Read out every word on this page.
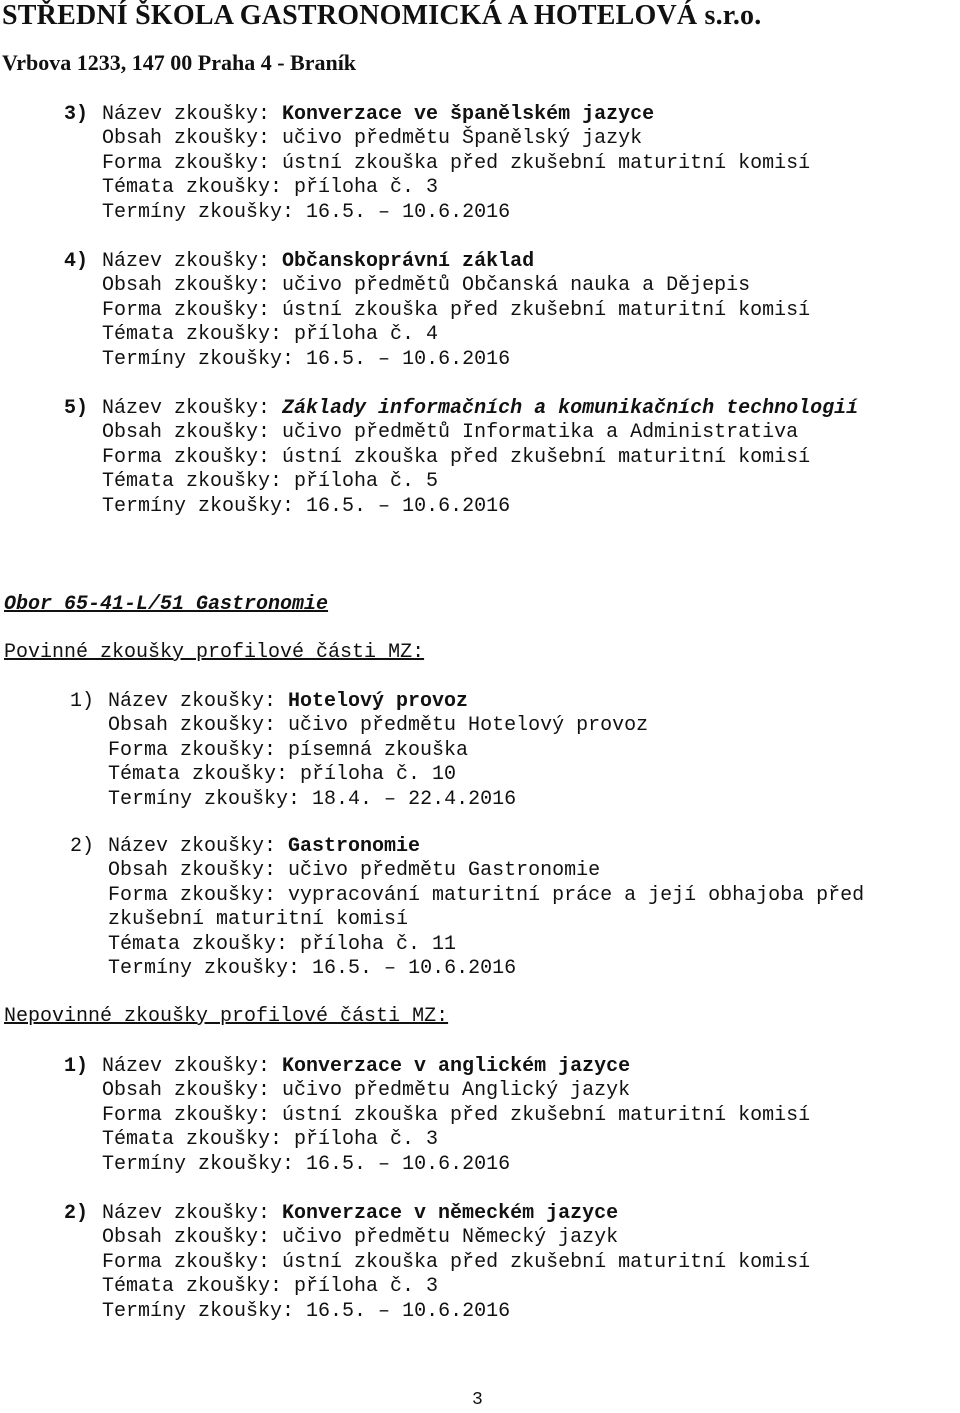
STŘEDNÍ ŠKOLA GASTRONOMICKÁ A HOTELOVÁ s.r.o.
Vrbova 1233, 147 00 Praha 4 - Braník
3) Název zkoušky: Konverzace ve španělském jazyce
Obsah zkoušky: učivo předmětu Španělský jazyk
Forma zkoušky: ústní zkouška před zkušební maturitní komisí
Témata zkoušky: příloha č. 3
Termíny zkoušky: 16.5. – 10.6.2016
4) Název zkoušky: Občanskoprávní základ
Obsah zkoušky: učivo předmětů Občanská nauka a Dějepis
Forma zkoušky: ústní zkouška před zkušební maturitní komisí
Témata zkoušky: příloha č. 4
Termíny zkoušky: 16.5. – 10.6.2016
5) Název zkoušky: Základy informačních a komunikačních technologií
Obsah zkoušky: učivo předmětů Informatika a Administrativa
Forma zkoušky: ústní zkouška před zkušební maturitní komisí
Témata zkoušky: příloha č. 5
Termíny zkoušky: 16.5. – 10.6.2016
Obor 65-41-L/51 Gastronomie
Povinné zkoušky profilové části MZ:
1) Název zkoušky: Hotelový provoz
Obsah zkoušky: učivo předmětu Hotelový provoz
Forma zkoušky: písemná zkouška
Témata zkoušky: příloha č. 10
Termíny zkoušky: 18.4. – 22.4.2016
2) Název zkoušky: Gastronomie
Obsah zkoušky: učivo předmětu Gastronomie
Forma zkoušky: vypracování maturitní práce a její obhajoba před zkušební maturitní komisí
Témata zkoušky: příloha č. 11
Termíny zkoušky: 16.5. – 10.6.2016
Nepovinné zkoušky profilové části MZ:
1) Název zkoušky: Konverzace v anglickém jazyce
Obsah zkoušky: učivo předmětu Anglický jazyk
Forma zkoušky: ústní zkouška před zkušební maturitní komisí
Témata zkoušky: příloha č. 3
Termíny zkoušky: 16.5. – 10.6.2016
2) Název zkoušky: Konverzace v německém jazyce
Obsah zkoušky: učivo předmětu Německý jazyk
Forma zkoušky: ústní zkouška před zkušební maturitní komisí
Témata zkoušky: příloha č. 3
Termíny zkoušky: 16.5. – 10.6.2016
3
